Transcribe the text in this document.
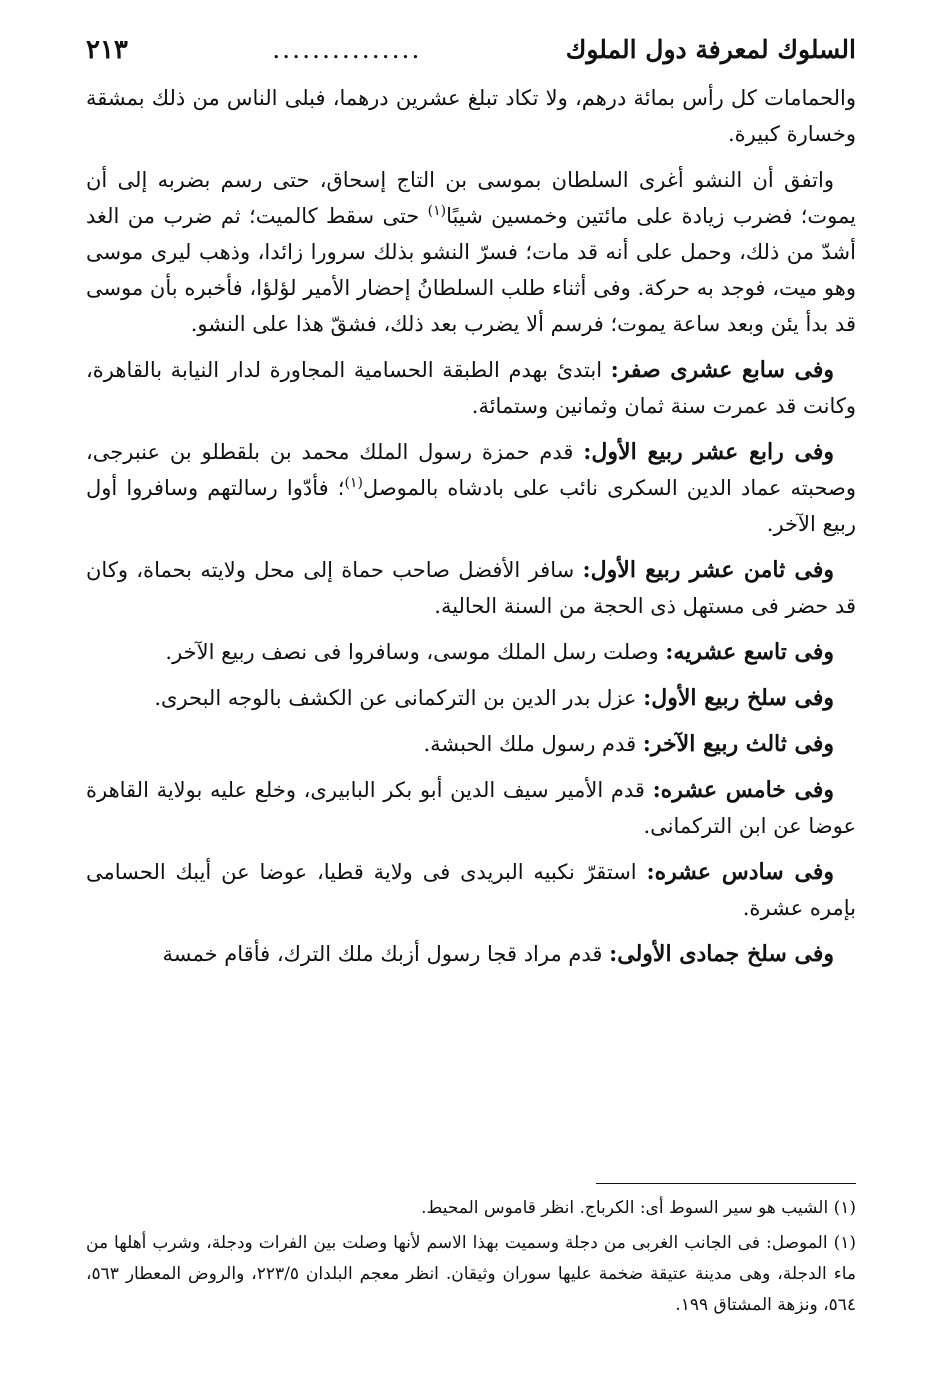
السلوك لمعرفة دول الملوك
...............
٢١٣

والحمامات كل رأس بمائة درهم، ولا تكاد تبلغ عشرين درهما، فبلى الناس من ذلك بمشقة وخسارة كبيرة.

واتفق أن النشو أغرى السلطان بموسى بن التاج إسحاق، حتى رسم بضربه إلى أن يموت؛ فضرب زيادة على مائتين وخمسين شيبًا$^{(١)}$ حتى سقط كالميت؛ ثم ضرب من الغد أشدّ من ذلك، وحمل على أنه قد مات؛ فسرّ النشو بذلك سرورا زائدا، وذهب ليرى موسى وهو ميت، فوجد به حركة. وفى أثناء طلب السلطانُ إحضار الأمير لؤلؤا، فأخبره بأن موسى قد بدأ يئن وبعد ساعة يموت؛ فرسم ألا يضرب بعد ذلك، فشقّ هذا على النشو.

وفى سابع عشرى صفر: ابتدئ بهدم الطبقة الحسامية المجاورة لدار النيابة بالقاهرة، وكانت قد عمرت سنة ثمان وثمانين وستمائة.

وفى رابع عشر ربيع الأول: قدم حمزة رسول الملك محمد بن بلقطلو بن عنبرجى، وصحبته عماد الدين السكرى نائب على بادشاه بالموصل$^{(١)}$؛ فأدّوا رسالتهم وسافروا أول ربيع الآخر.

وفى ثامن عشر ربيع الأول: سافر الأفضل صاحب حماة إلى محل ولايته بحماة، وكان قد حضر فى مستهل ذى الحجة من السنة الحالية.

وفى تاسع عشريه: وصلت رسل الملك موسى، وسافروا فى نصف ربيع الآخر.

وفى سلخ ربيع الأول: عزل بدر الدين بن التركمانى عن الكشف بالوجه البحرى.

وفى ثالث ربيع الآخر: قدم رسول ملك الحبشة.

وفى خامس عشره: قدم الأمير سيف الدين أبو بكر البابيرى، وخلع عليه بولاية القاهرة عوضا عن ابن التركمانى.

وفى سادس عشره: استقرّ نكبيه البريدى فى ولاية قطيا، عوضا عن أيبك الحسامى بإمره عشرة.

وفى سلخ جمادى الأولى: قدم مراد قجا رسول أزبك ملك الترك، فأقام خمسة

(١) الشيب هو سير السوط أى: الكرباج. انظر قاموس المحيط.

(١) الموصل: فى الجانب الغربى من دجلة وسميت بهذا الاسم لأنها وصلت بين الفرات ودجلة، وشرب أهلها من ماء الدجلة، وهى مدينة عتيقة ضخمة عليها سوران وثيقان. انظر معجم البلدان ٢٢٣/٥، والروض المعطار ٥٦٣، ٥٦٤، ونزهة المشتاق ١٩٩.
